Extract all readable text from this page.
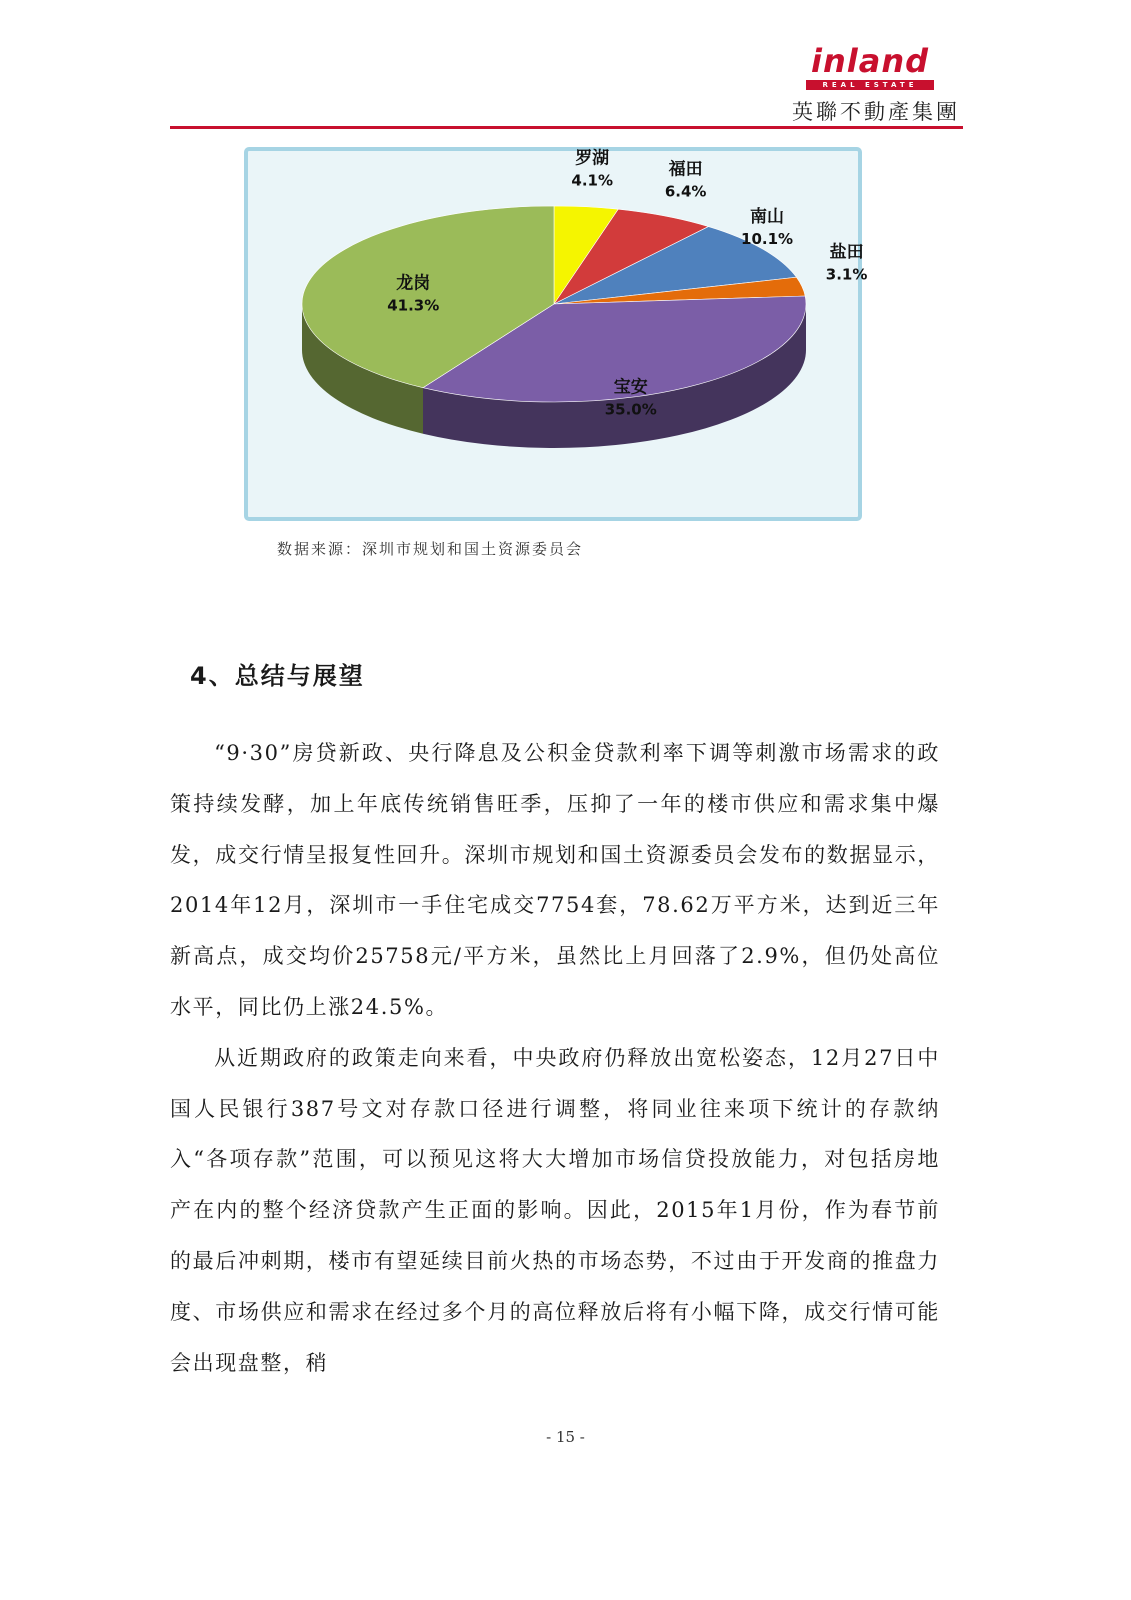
inland
REAL ESTATE
英聯不動產集團
罗湖
4.1%
福田
6.4%
南山
10.1%
盐田
3.1%
宝安
35.0%
龙岗
41.3%
数据来源：深圳市规划和国土资源委员会
4、总结与展望

“9·30”房贷新政、央行降息及公积金贷款利率下调等刺激市场需求的政策持续发酵，加上年底传统销售旺季，压抑了一年的楼市供应和需求集中爆发，成交行情呈报复性回升。深圳市规划和国土资源委员会发布的数据显示，2014年12月，深圳市一手住宅成交7754套，78.62万平方米，达到近三年新高点，成交均价25758元/平方米，虽然比上月回落了2.9%，但仍处高位水平，同比仍上涨24.5%。

从近期政府的政策走向来看，中央政府仍释放出宽松姿态，12月27日中国人民银行387号文对存款口径进行调整，将同业往来项下统计的存款纳入“各项存款”范围，可以预见这将大大增加市场信贷投放能力，对包括房地产在内的整个经济贷款产生正面的影响。因此，2015年1月份，作为春节前的最后冲刺期，楼市有望延续目前火热的市场态势，不过由于开发商的推盘力度、市场供应和需求在经过多个月的高位释放后将有小幅下降，成交行情可能会出现盘整，稍

- 15 -
